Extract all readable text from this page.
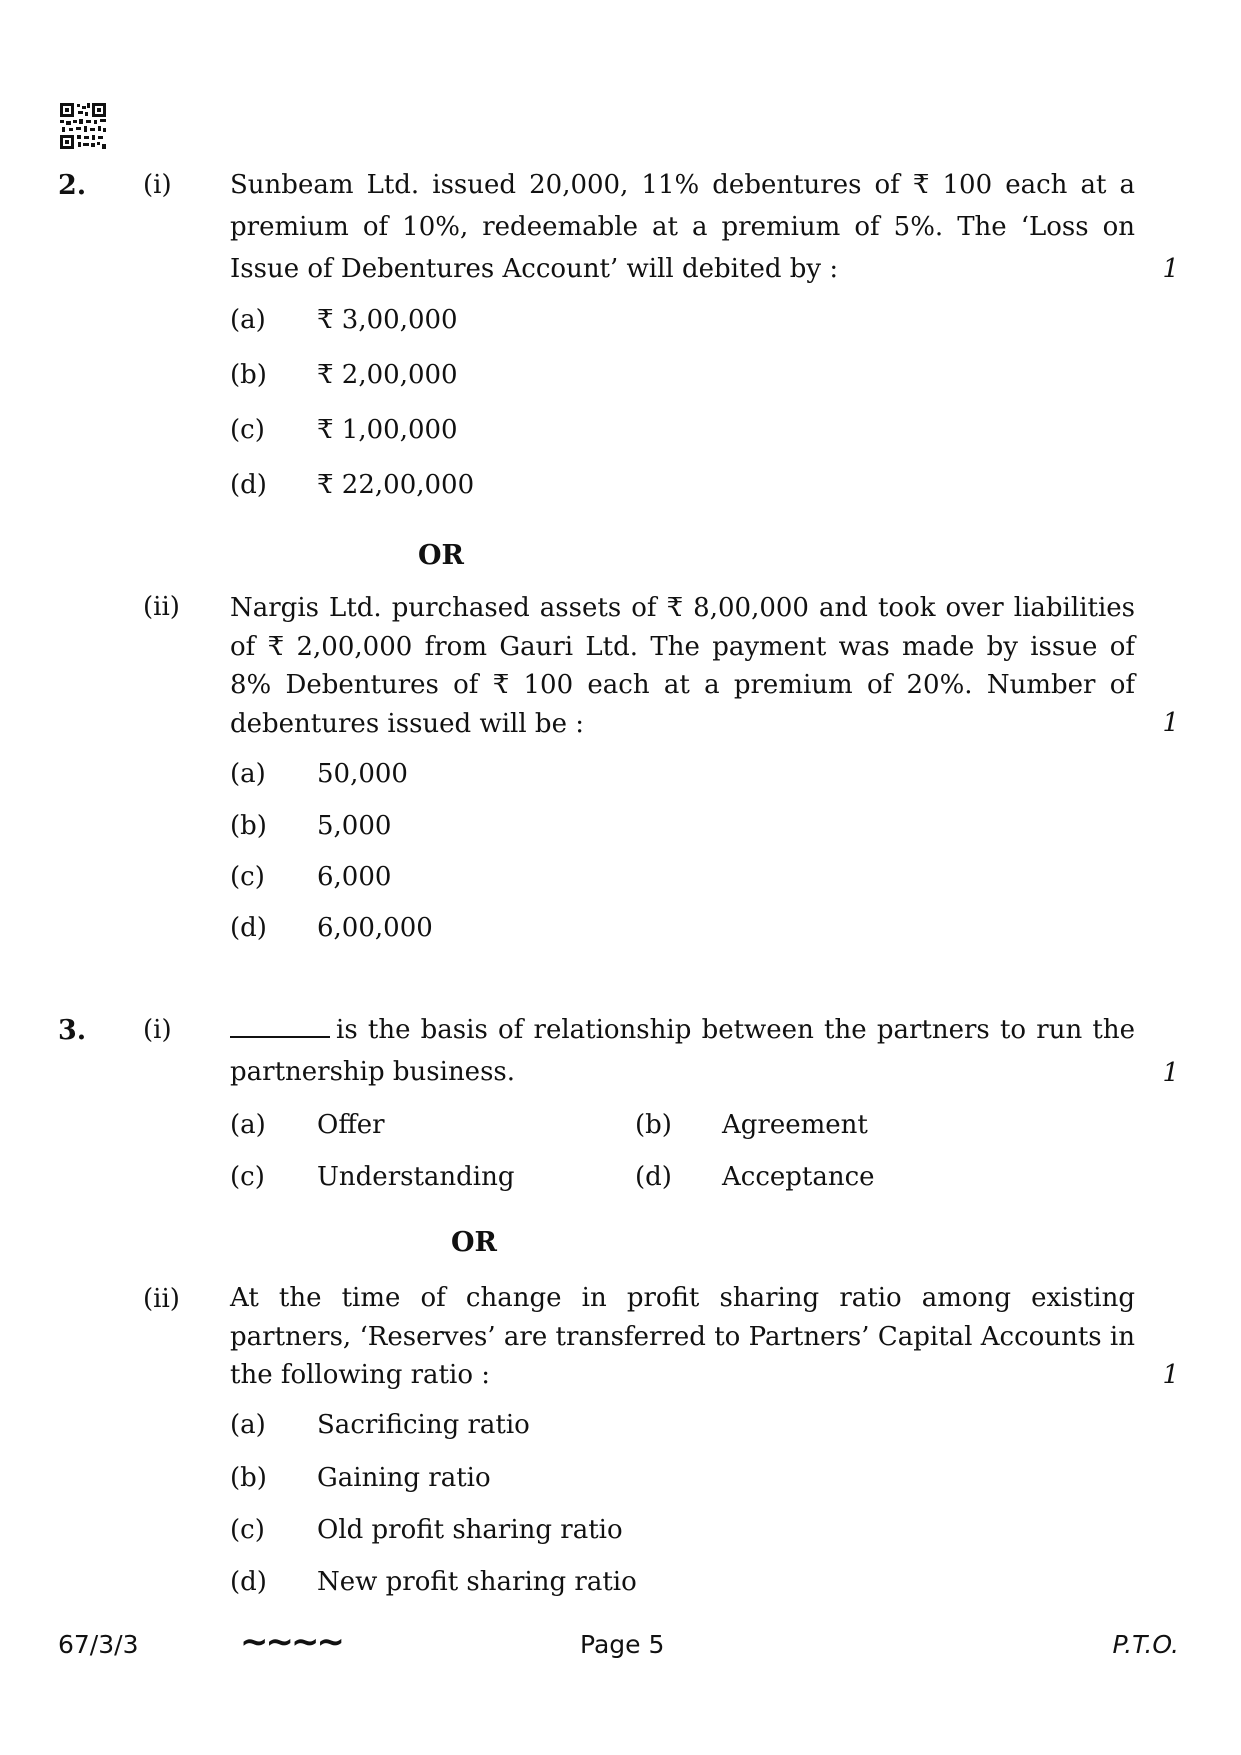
2. (i) Sunbeam Ltd. issued 20,000, 11% debentures of ₹ 100 each at a premium of 10%, redeemable at a premium of 5%. The ‘Loss on Issue of Debentures Account’ will debited by :	1
(a) ₹ 3,00,000
(b) ₹ 2,00,000
(c) ₹ 1,00,000
(d) ₹ 22,00,000
OR
(ii) Nargis Ltd. purchased assets of ₹ 8,00,000 and took over liabilities of ₹ 2,00,000 from Gauri Ltd. The payment was made by issue of 8% Debentures of ₹ 100 each at a premium of 20%. Number of debentures issued will be :	1
(a) 50,000
(b) 5,000
(c) 6,000
(d) 6,00,000
3. (i)	is the basis of relationship between the partners to run the partnership business.	1
(a) Offer	(b) Agreement
(c) Understanding	(d) Acceptance
OR
(ii) At the time of change in profit sharing ratio among existing partners, ‘Reserves’ are transferred to Partners’ Capital Accounts in the following ratio :	1
(a) Sacrificing ratio
(b) Gaining ratio
(c) Old profit sharing ratio
(d) New profit sharing ratio
67/3/3	∼∼∼∼	Page 5	P.T.O.
